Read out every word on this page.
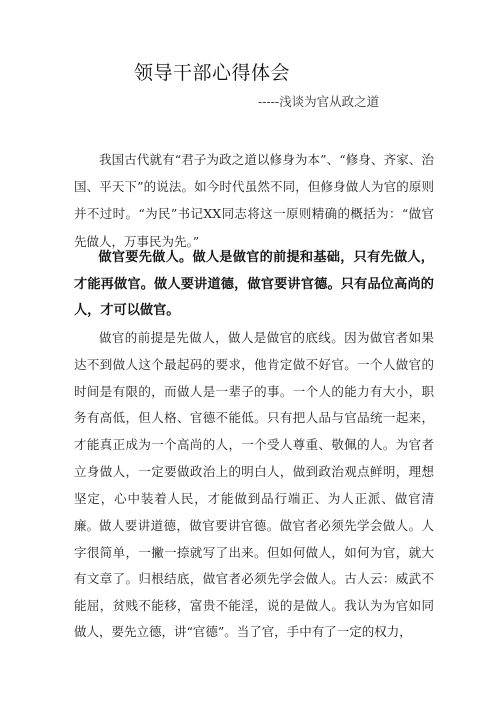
领导干部心得体会
-----浅谈为官从政之道

我国古代就有“君子为政之道以修身为本”、“修身、齐家、治国、平天下”的说法。如今时代虽然不同，但修身做人为官的原则并不过时。“为民”书记XX同志将这一原则精确的概括为：“做官先做人，万事民为先。”

做官要先做人。做人是做官的前提和基础，只有先做人，才能再做官。做人要讲道德，做官要讲官德。只有品位高尚的人，才可以做官。

做官的前提是先做人，做人是做官的底线。因为做官者如果达不到做人这个最起码的要求，他肯定做不好官。一个人做官的时间是有限的，而做人是一辈子的事。一个人的能力有大小，职务有高低，但人格、官德不能低。只有把人品与官品统一起来，才能真正成为一个高尚的人，一个受人尊重、敬佩的人。为官者立身做人，一定要做政治上的明白人，做到政治观点鲜明，理想坚定，心中装着人民，才能做到品行端正、为人正派、做官清廉。 做人要讲道德，做官要讲官德。做官者必须先学会做人。人字很简单，一撇一捺就写了出来。但如何做人，如何为官，就大有文章了。归根结底，做官者必须先学会做人。古人云：威武不能屈，贫贱不能移，富贵不能淫，说的是做人。我认为为官如同做人，要先立德，讲“官德”。当了官，手中有了一定的权力，
